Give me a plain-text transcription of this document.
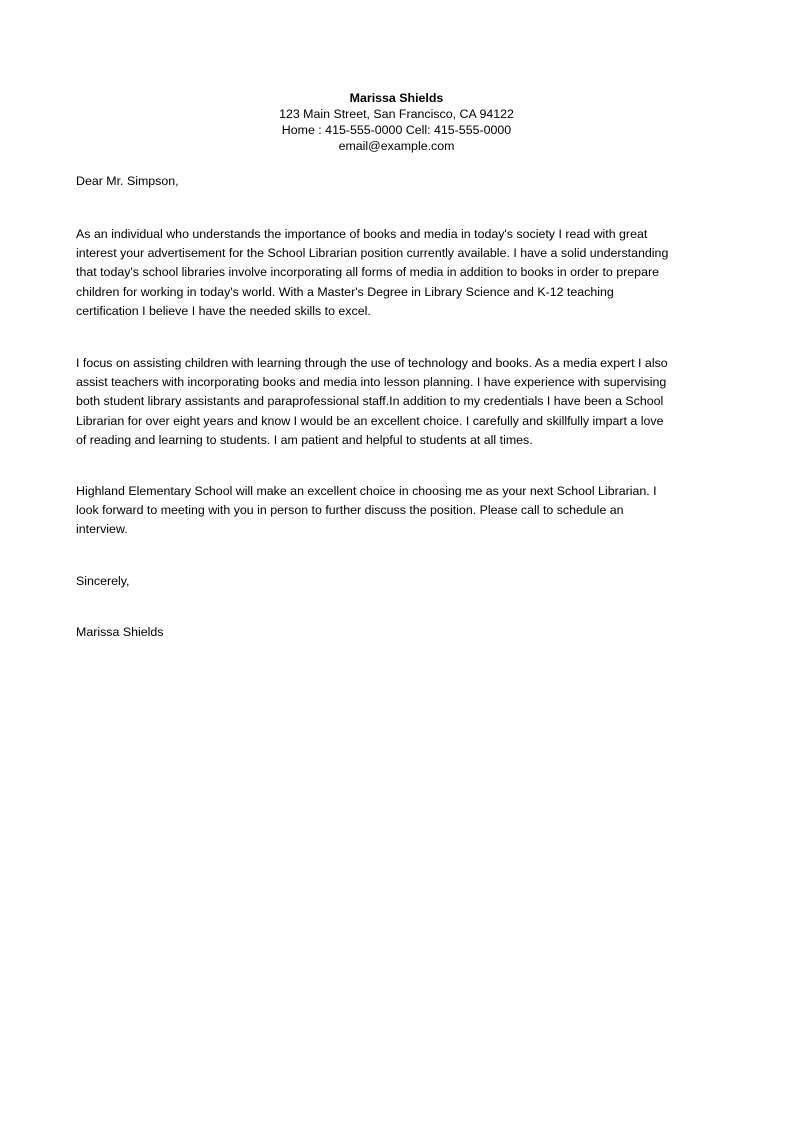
Marissa Shields
123 Main Street, San Francisco, CA 94122
Home : 415-555-0000 Cell: 415-555-0000
email@example.com
Dear Mr. Simpson,
As an individual who understands the importance of books and media in today's society I read with great
interest your advertisement for the School Librarian position currently available. I have a solid understanding
that today's school libraries involve incorporating all forms of media in addition to books in order to prepare
children for working in today's world. With a Master's Degree in Library Science and K-12 teaching
certification I believe I have the needed skills to excel.
I focus on assisting children with learning through the use of technology and books. As a media expert I also
assist teachers with incorporating books and media into lesson planning. I have experience with supervising
both student library assistants and paraprofessional staff.In addition to my credentials I have been a School
Librarian for over eight years and know I would be an excellent choice. I carefully and skillfully impart a love
of reading and learning to students. I am patient and helpful to students at all times.
Highland Elementary School will make an excellent choice in choosing me as your next School Librarian. I
look forward to meeting with you in person to further discuss the position. Please call to schedule an
interview.
Sincerely,
Marissa Shields
